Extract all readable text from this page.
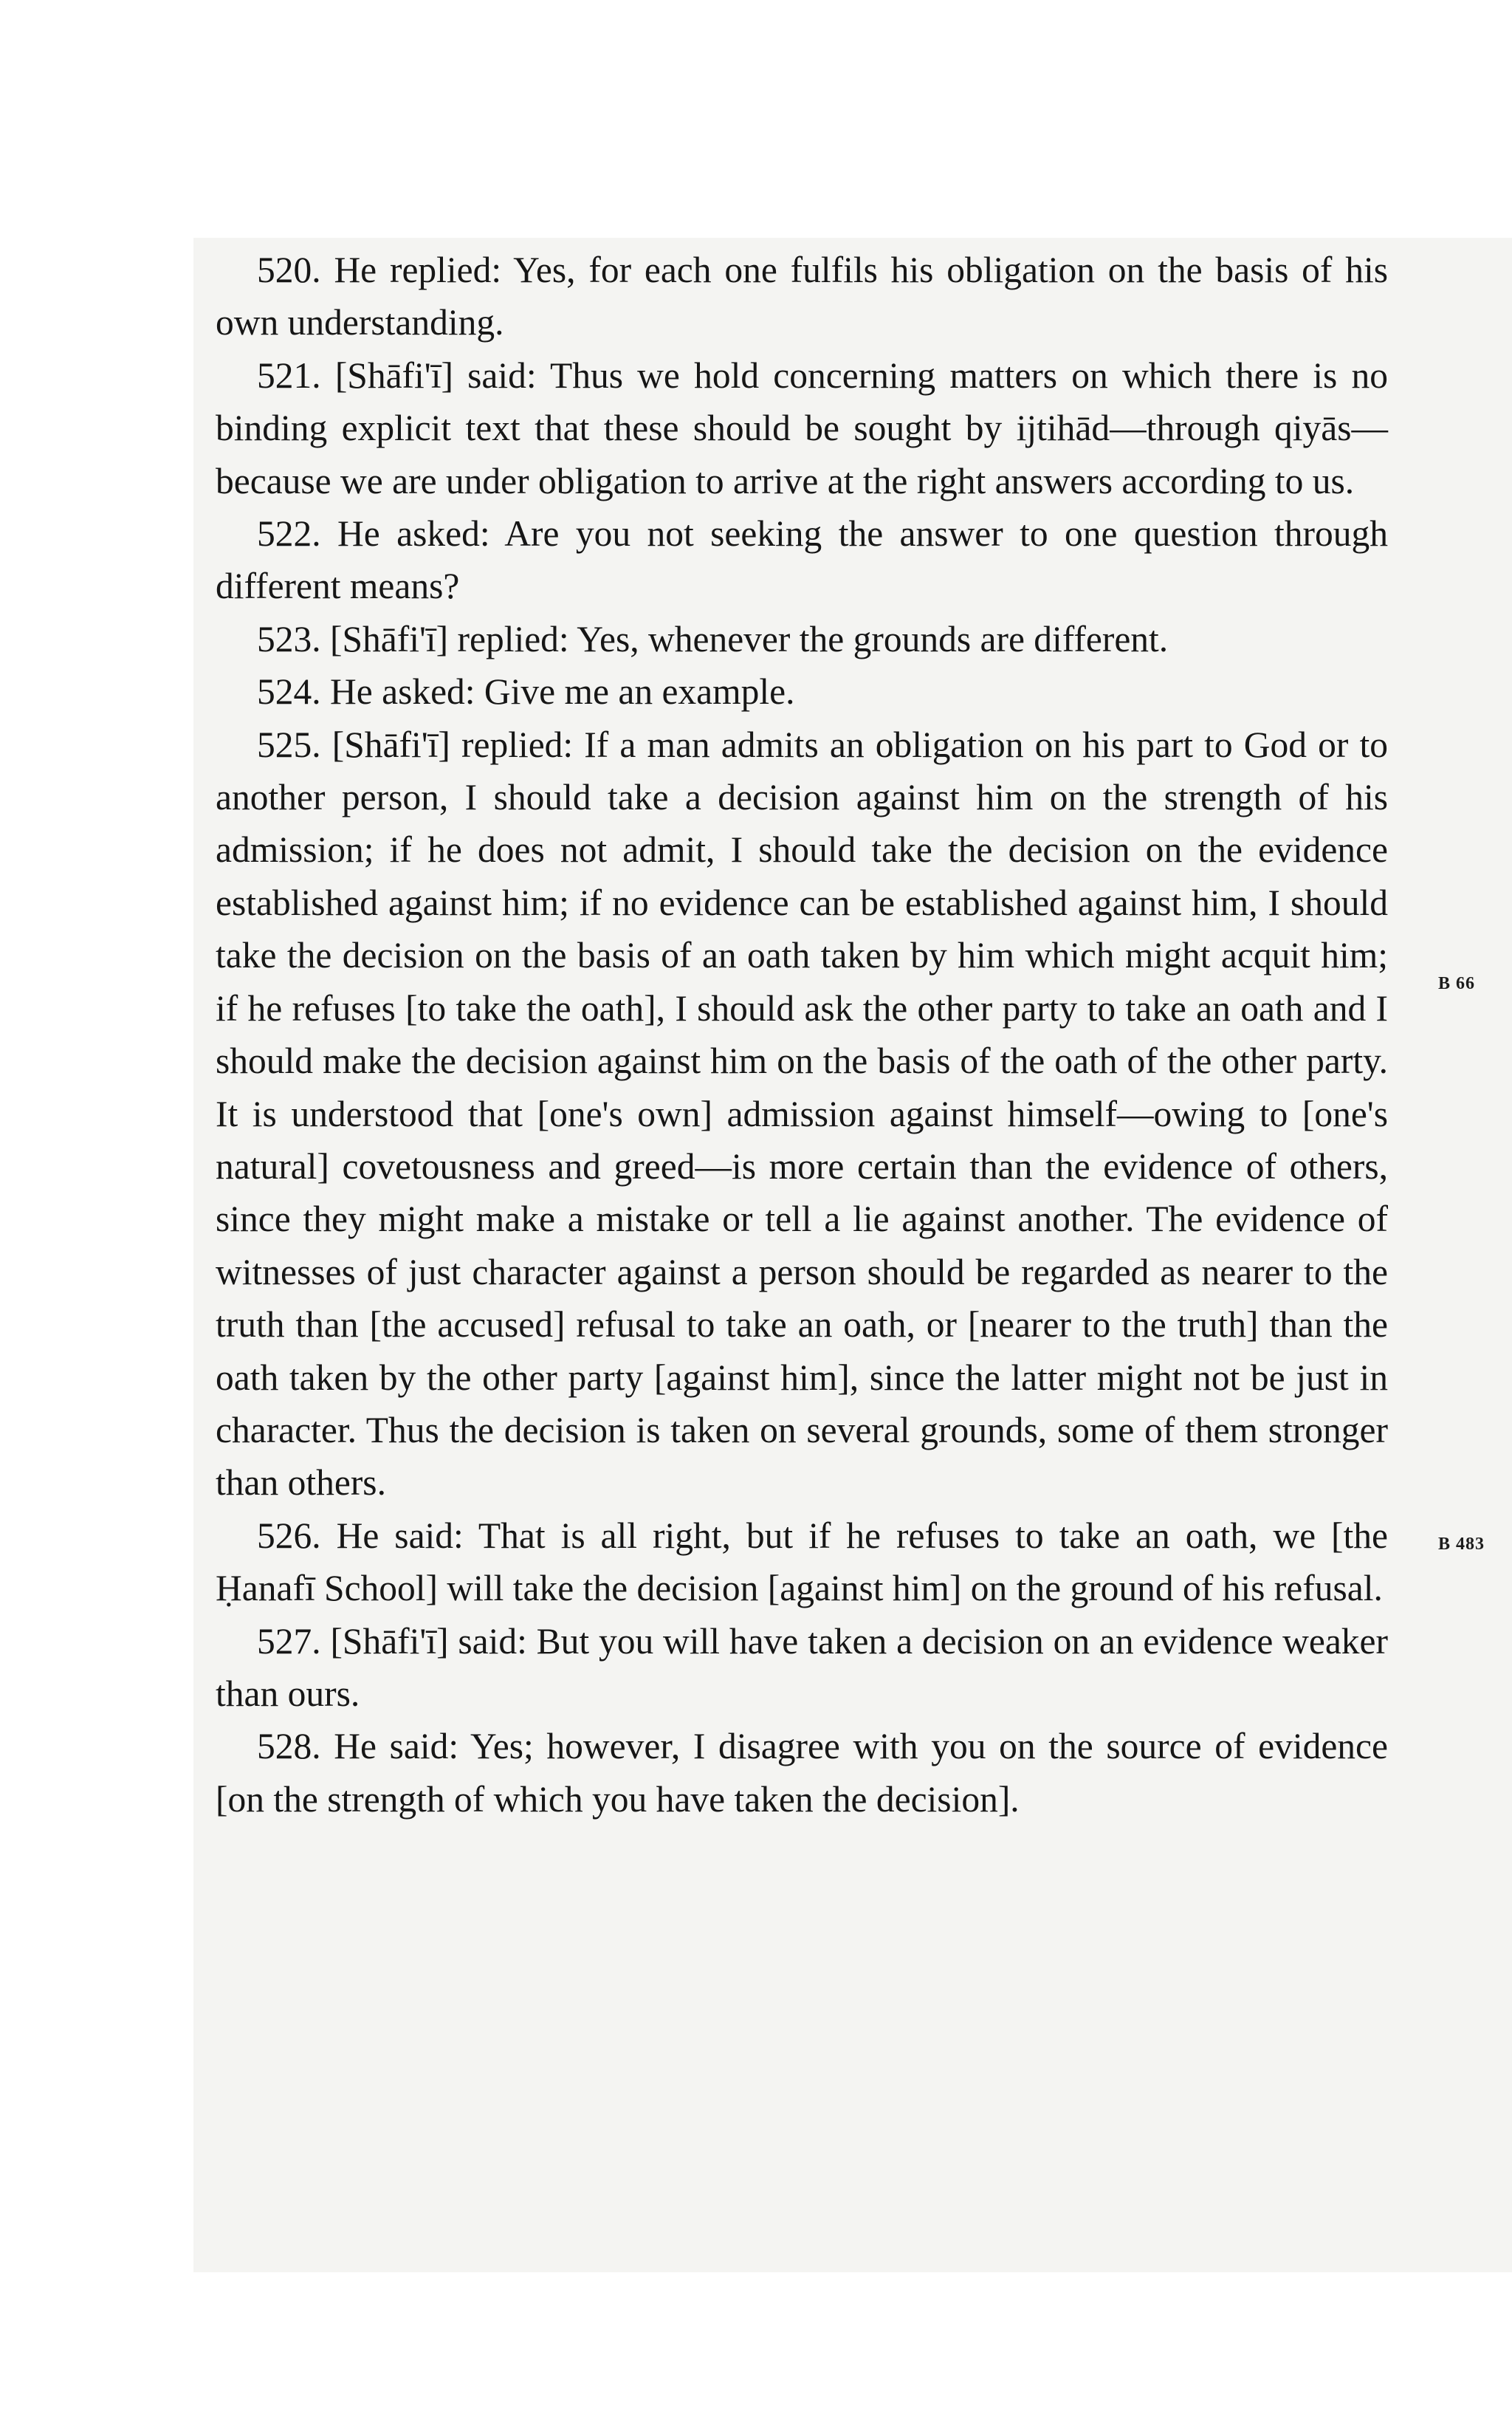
520. He replied: Yes, for each one fulfils his obligation on the basis of his own understanding.

521. [Shāfi'ī] said: Thus we hold concerning matters on which there is no binding explicit text that these should be sought by ijtihād—through qiyās—because we are under obligation to arrive at the right answers according to us.

522. He asked: Are you not seeking the answer to one question through different means?

523. [Shāfi'ī] replied: Yes, whenever the grounds are different.

524. He asked: Give me an example.

525. [Shāfi'ī] replied: If a man admits an obligation on his part to God or to another person, I should take a decision against him on the strength of his admission; if he does not admit, I should take the decision on the evidence established against him; if no evidence can be established against him, I should take the decision on the basis of an oath taken by him which might acquit him; if he refuses [to take the oath], I should ask the other party to take an oath and I should make the decision against him on the basis of the oath of the other party. It is understood that [one's own] admission against himself—owing to [one's natural] covetousness and greed—is more certain than the evidence of others, since they might make a mistake or tell a lie against another. The evidence of witnesses of just character against a person should be regarded as nearer to the truth than [the accused] refusal to take an oath, or [nearer to the truth] than the oath taken by the other party [against him], since the latter might not be just in character. Thus the decision is taken on several grounds, some of them stronger than others.

526. He said: That is all right, but if he refuses to take an oath, we [the Ḥanafī School] will take the decision [against him] on the ground of his refusal.

527. [Shāfi'ī] said: But you will have taken a decision on an evidence weaker than ours.

528. He said: Yes; however, I disagree with you on the source of evidence [on the strength of which you have taken the decision].

B 66
B 483
